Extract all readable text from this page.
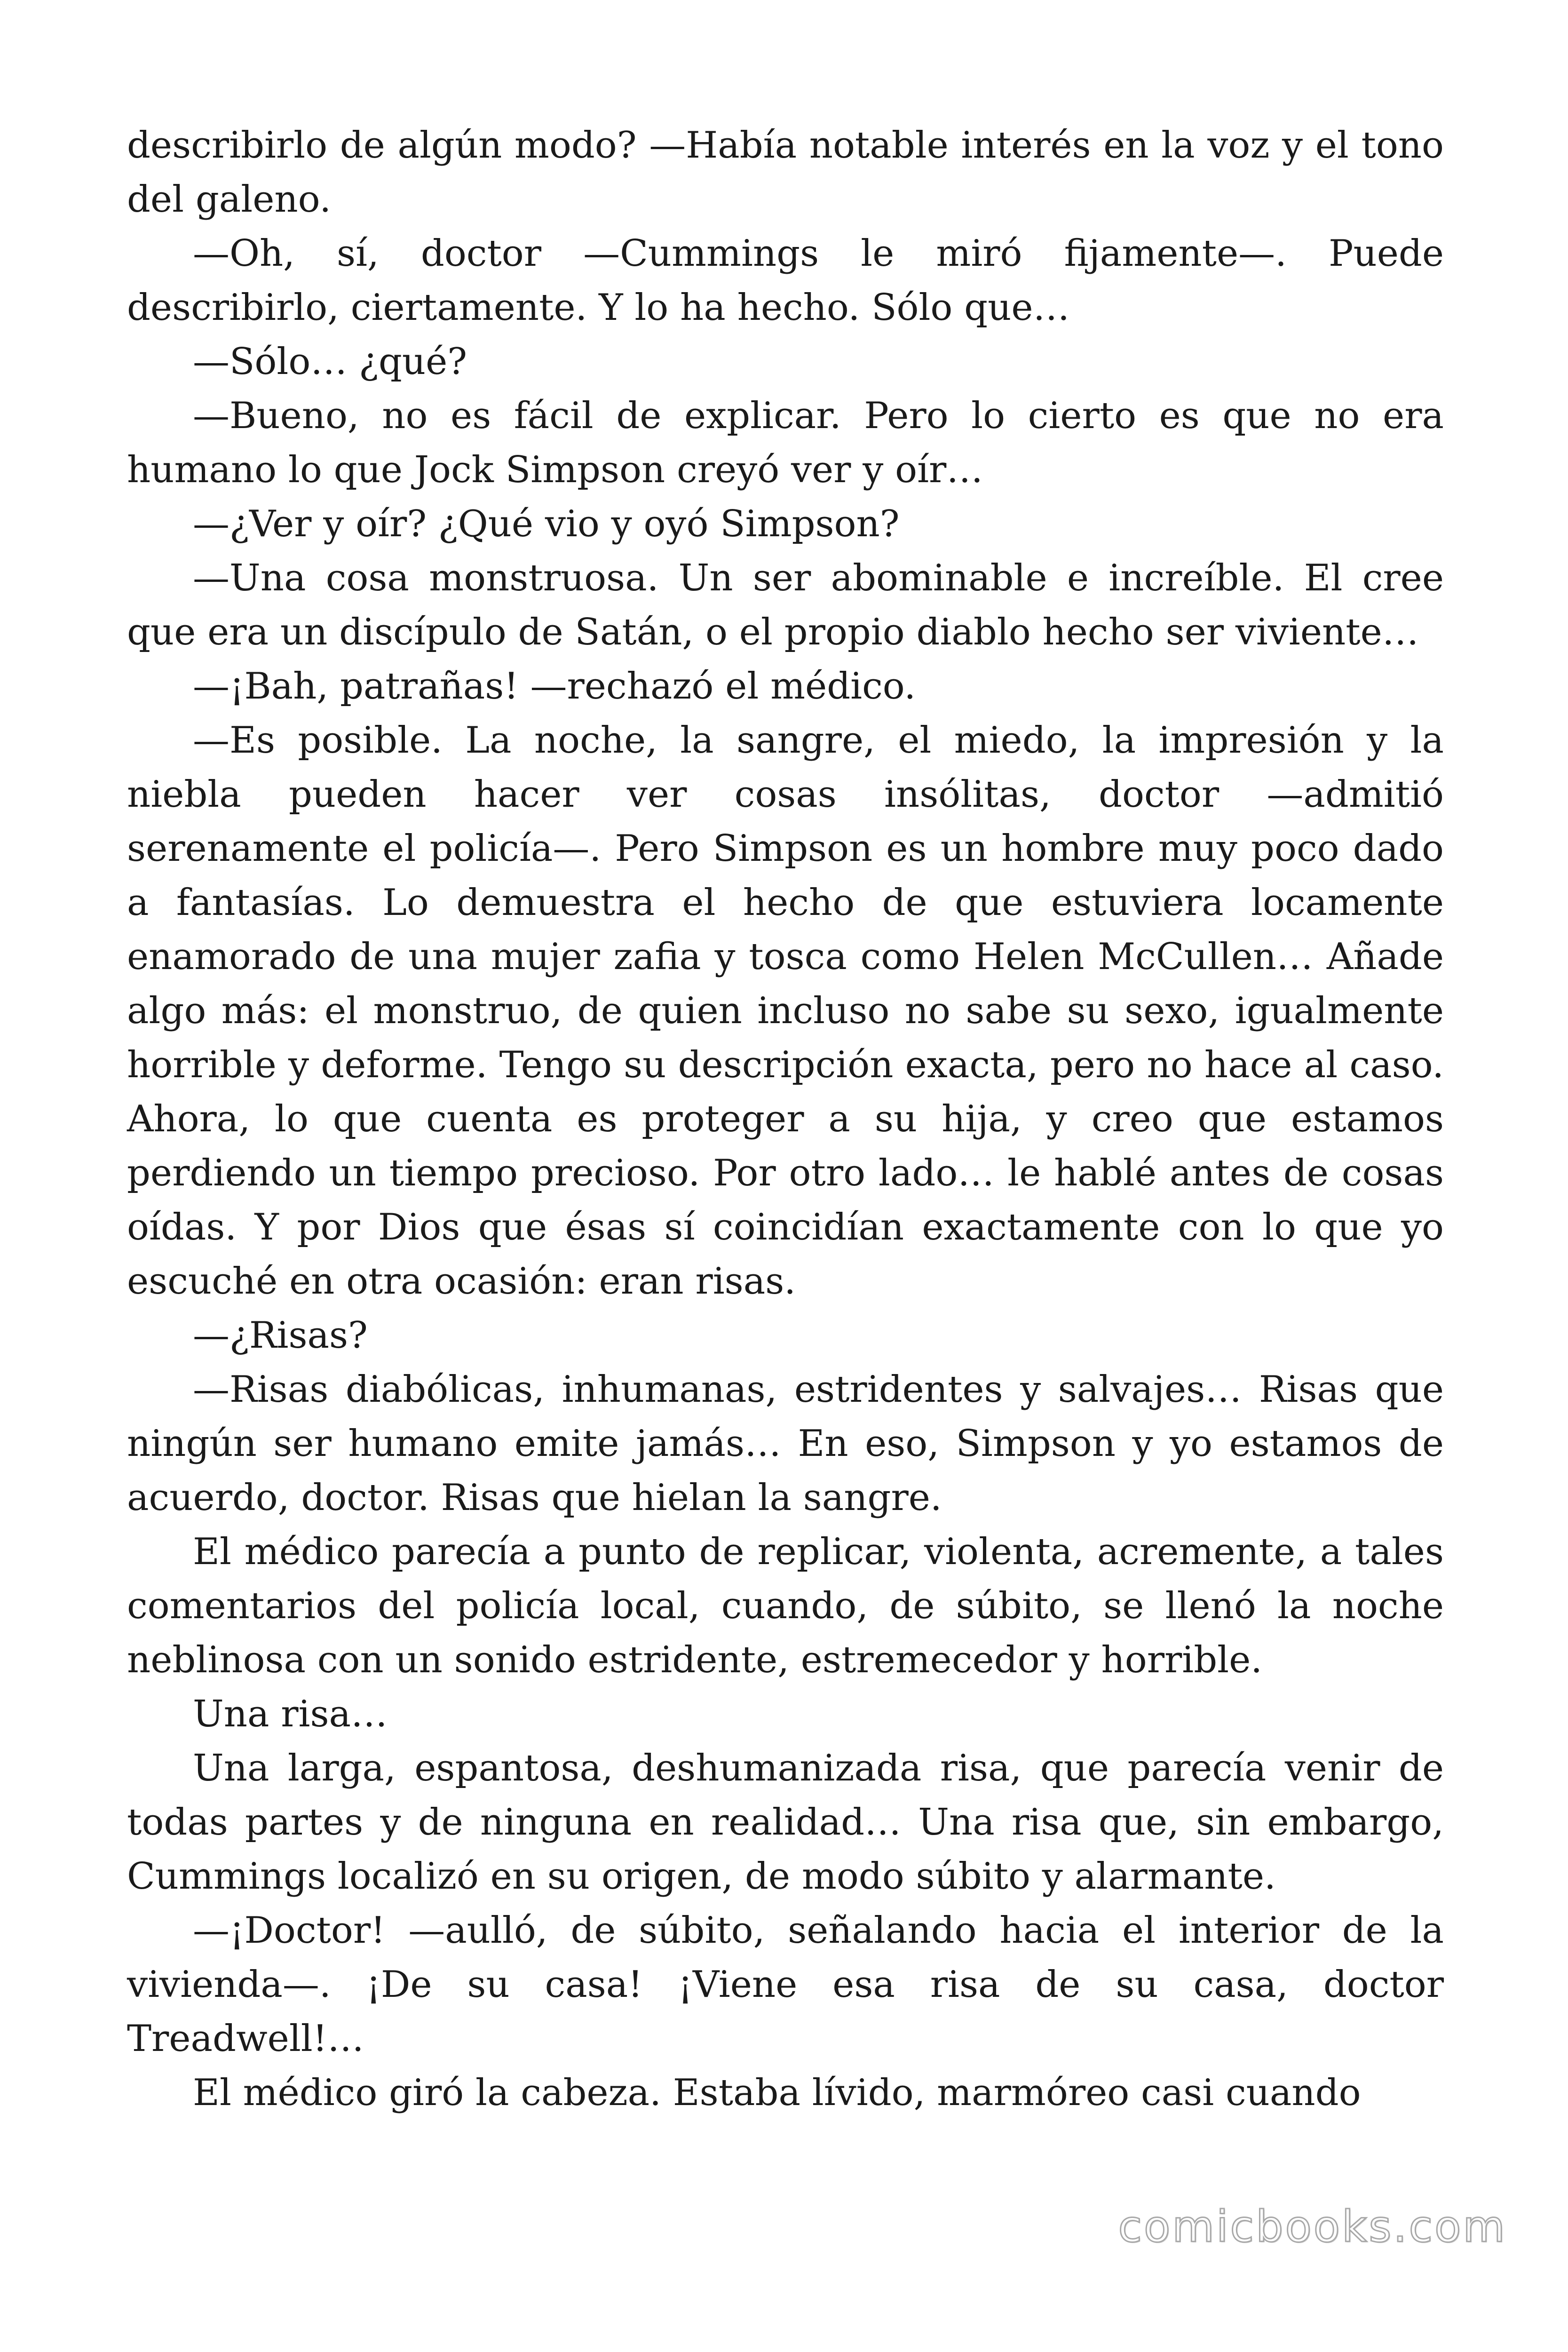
describirlo de algún modo? —Había notable interés en la voz y el tono del galeno.

—Oh, sí, doctor —Cummings le miró fijamente—. Puede describirlo, ciertamente. Y lo ha hecho. Sólo que…

—Sólo… ¿qué?

—Bueno, no es fácil de explicar. Pero lo cierto es que no era humano lo que Jock Simpson creyó ver y oír…

—¿Ver y oír? ¿Qué vio y oyó Simpson?

—Una cosa monstruosa. Un ser abominable e increíble. El cree que era un discípulo de Satán, o el propio diablo hecho ser viviente…

—¡Bah, patrañas! —rechazó el médico.

—Es posible. La noche, la sangre, el miedo, la impresión y la niebla pueden hacer ver cosas insólitas, doctor —admitió serenamente el policía—. Pero Simpson es un hombre muy poco dado a fantasías. Lo demuestra el hecho de que estuviera locamente enamorado de una mujer zafia y tosca como Helen McCullen… Añade algo más: el monstruo, de quien incluso no sabe su sexo, igualmente horrible y deforme. Tengo su descripción exacta, pero no hace al caso. Ahora, lo que cuenta es proteger a su hija, y creo que estamos perdiendo un tiempo precioso. Por otro lado… le hablé antes de cosas oídas. Y por Dios que ésas sí coincidían exactamente con lo que yo escuché en otra ocasión: eran risas.

—¿Risas?

—Risas diabólicas, inhumanas, estridentes y salvajes… Risas que ningún ser humano emite jamás… En eso, Simpson y yo estamos de acuerdo, doctor. Risas que hielan la sangre.

El médico parecía a punto de replicar, violenta, acremente, a tales comentarios del policía local, cuando, de súbito, se llenó la noche neblinosa con un sonido estridente, estremecedor y horrible.

Una risa…

Una larga, espantosa, deshumanizada risa, que parecía venir de todas partes y de ninguna en realidad… Una risa que, sin embargo, Cummings localizó en su origen, de modo súbito y alarmante.

—¡Doctor! —aulló, de súbito, señalando hacia el interior de la vivienda—. ¡De su casa! ¡Viene esa risa de su casa, doctor Treadwell!…

El médico giró la cabeza. Estaba lívido, marmóreo casi cuando

comicbooks.com
